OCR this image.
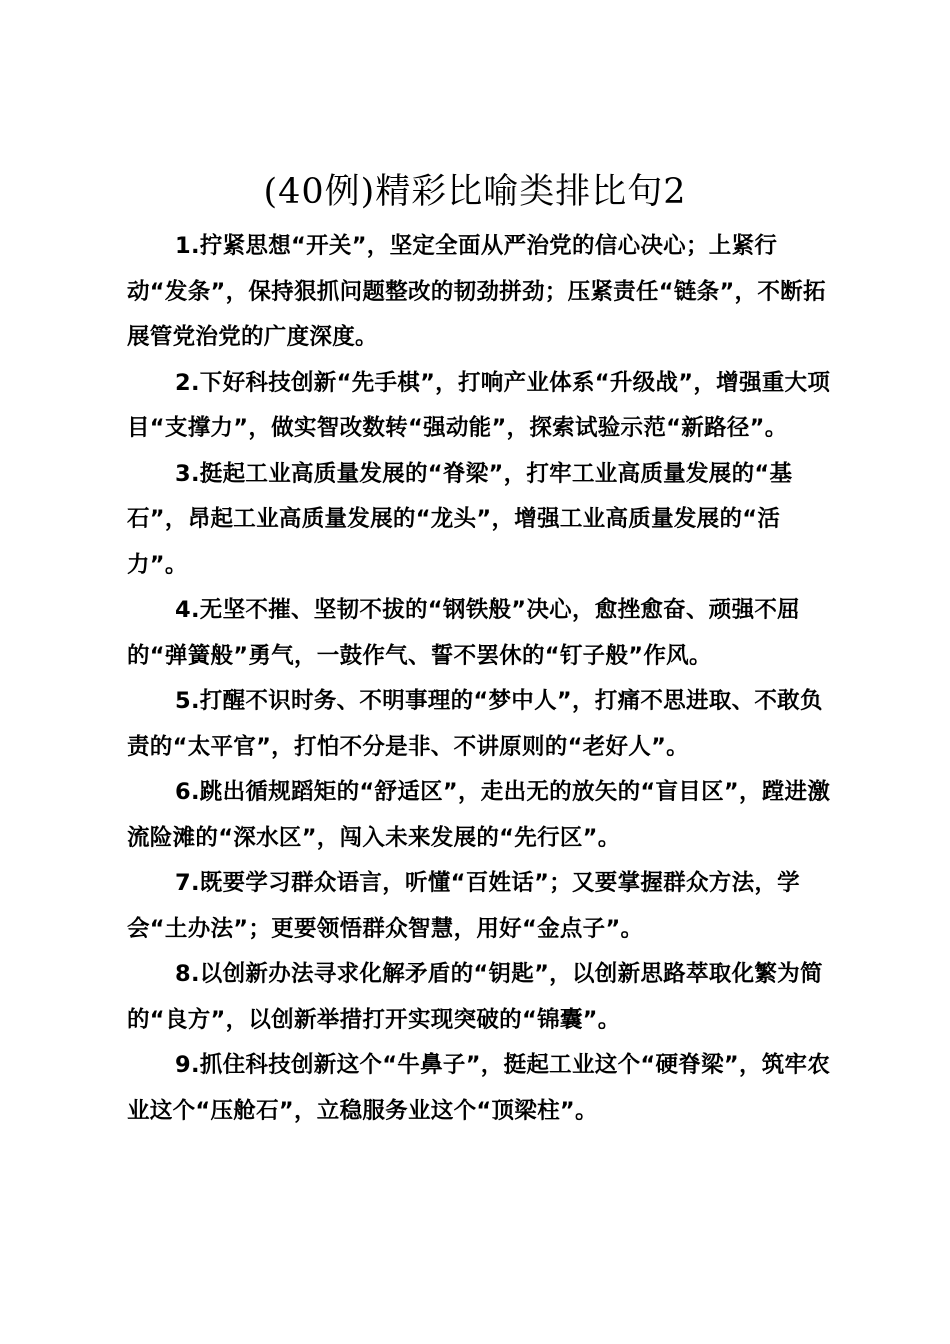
(40例)精彩比喻类排比句2

1.拧紧思想“开关”，坚定全面从严治党的信心决心；上紧行动“发条”，保持狠抓问题整改的韧劲拼劲；压紧责任“链条”，不断拓展管党治党的广度深度。

2.下好科技创新“先手棋”，打响产业体系“升级战”，增强重大项目“支撑力”，做实智改数转“强动能”，探索试验示范“新路径”。

3.挺起工业高质量发展的“脊梁”，打牢工业高质量发展的“基石”，昂起工业高质量发展的“龙头”，增强工业高质量发展的“活力”。

4.无坚不摧、坚韧不拔的“钢铁般”决心，愈挫愈奋、顽强不屈的“弹簧般”勇气，一鼓作气、誓不罢休的“钉子般”作风。

5.打醒不识时务、不明事理的“梦中人”，打痛不思进取、不敢负责的“太平官”，打怕不分是非、不讲原则的“老好人”。

6.跳出循规蹈矩的“舒适区”，走出无的放矢的“盲目区”，蹚进激流险滩的“深水区”，闯入未来发展的“先行区”。

7.既要学习群众语言，听懂“百姓话”；又要掌握群众方法，学会“土办法”；更要领悟群众智慧，用好“金点子”。

8.以创新办法寻求化解矛盾的“钥匙”，以创新思路萃取化繁为简的“良方”，以创新举措打开实现突破的“锦囊”。

9.抓住科技创新这个“牛鼻子”，挺起工业这个“硬脊梁”，筑牢农业这个“压舱石”，立稳服务业这个“顶梁柱”。
